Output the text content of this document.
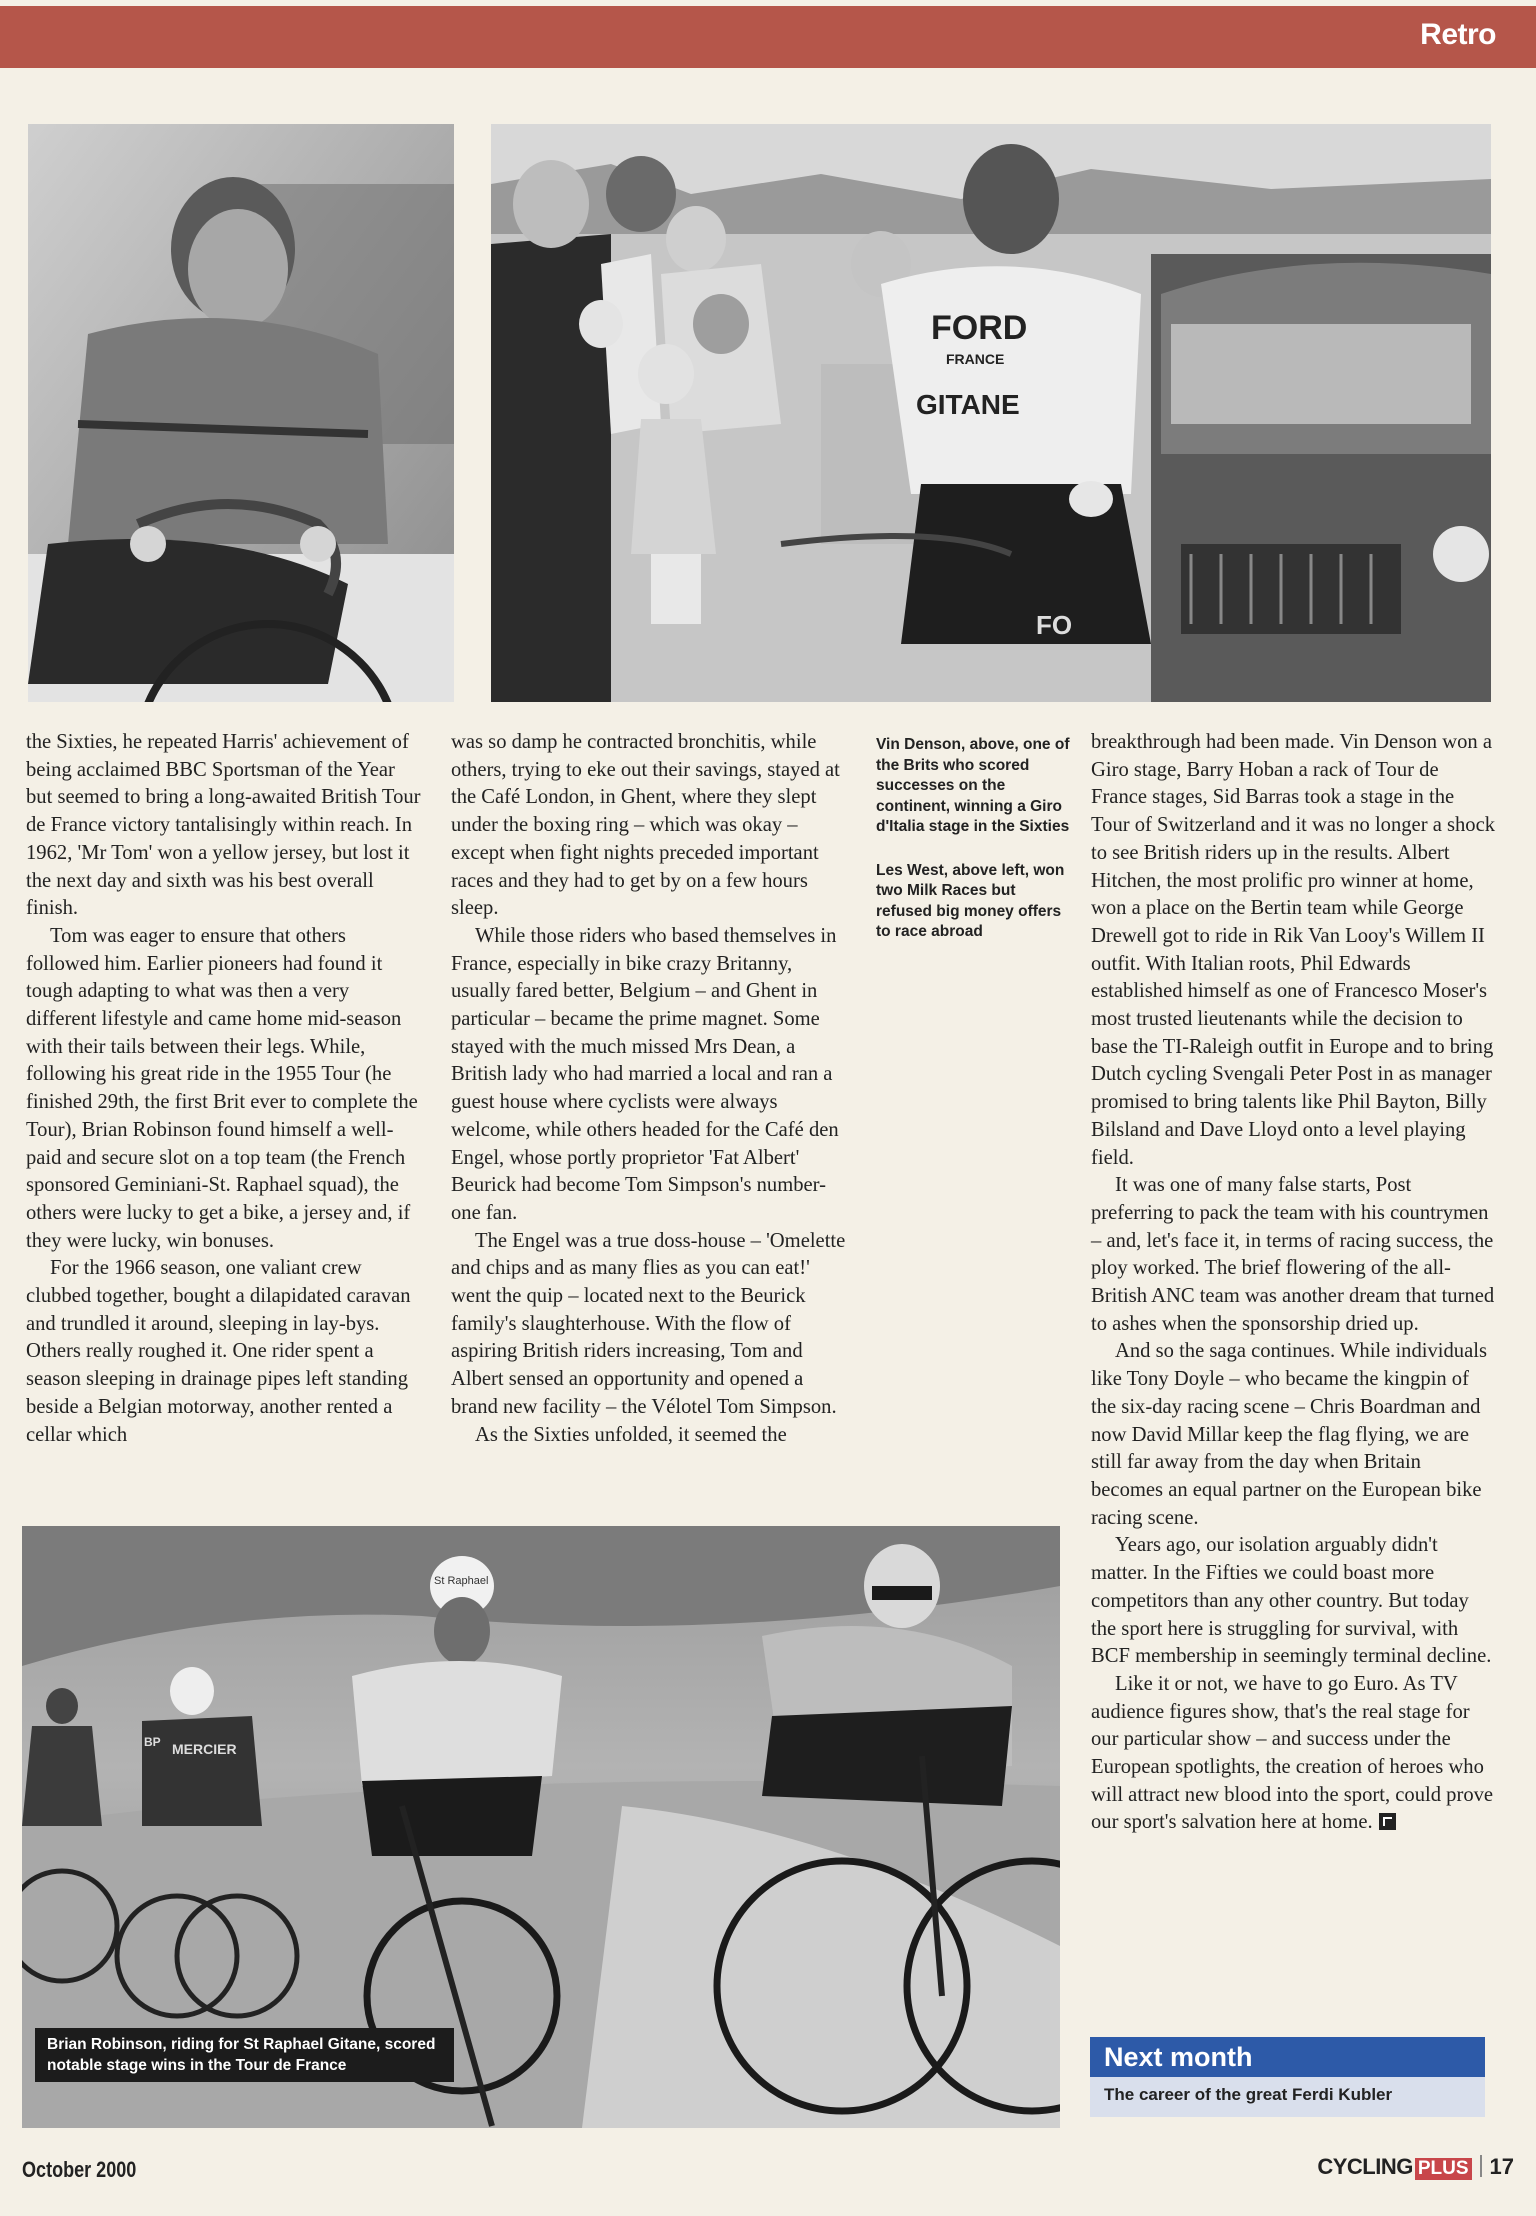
Retro
FORD
FRANCE
GITANE
FO

the Sixties, he repeated Harris' achievement of being acclaimed BBC Sportsman of the Year but seemed to bring a long-awaited British Tour de France victory tantalisingly within reach. In 1962, 'Mr Tom' won a yellow jersey, but lost it the next day and sixth was his best overall finish.

Tom was eager to ensure that others followed him. Earlier pioneers had found it tough adapting to what was then a very different lifestyle and came home mid-season with their tails between their legs. While, following his great ride in the 1955 Tour (he finished 29th, the first Brit ever to complete the Tour), Brian Robinson found himself a well-paid and secure slot on a top team (the French sponsored Geminiani-St. Raphael squad), the others were lucky to get a bike, a jersey and, if they were lucky, win bonuses.

For the 1966 season, one valiant crew clubbed together, bought a dilapidated caravan and trundled it around, sleeping in lay-bys. Others really roughed it. One rider spent a season sleeping in drainage pipes left standing beside a Belgian motorway, another rented a cellar which

was so damp he contracted bronchitis, while others, trying to eke out their savings, stayed at the Café London, in Ghent, where they slept under the boxing ring – which was okay – except when fight nights preceded important races and they had to get by on a few hours sleep.

While those riders who based themselves in France, especially in bike crazy Britanny, usually fared better, Belgium – and Ghent in particular – became the prime magnet. Some stayed with the much missed Mrs Dean, a British lady who had married a local and ran a guest house where cyclists were always welcome, while others headed for the Café den Engel, whose portly proprietor 'Fat Albert' Beurick had become Tom Simpson's number-one fan.

The Engel was a true doss-house – 'Omelette and chips and as many flies as you can eat!' went the quip – located next to the Beurick family's slaughterhouse. With the flow of aspiring British riders increasing, Tom and Albert sensed an opportunity and opened a brand new facility – the Vélotel Tom Simpson.

As the Sixties unfolded, it seemed the

Vin Denson, above, one of the Brits who scored successes on the continent, winning a Giro d'Italia stage in the Sixties

Les West, above left, won two Milk Races but refused big money offers to race abroad

breakthrough had been made. Vin Denson won a Giro stage, Barry Hoban a rack of Tour de France stages, Sid Barras took a stage in the Tour of Switzerland and it was no longer a shock to see British riders up in the results. Albert Hitchen, the most prolific pro winner at home, won a place on the Bertin team while George Drewell got to ride in Rik Van Looy's Willem II outfit. With Italian roots, Phil Edwards established himself as one of Francesco Moser's most trusted lieutenants while the decision to base the TI-Raleigh outfit in Europe and to bring Dutch cycling Svengali Peter Post in as manager promised to bring talents like Phil Bayton, Billy Bilsland and Dave Lloyd onto a level playing field.

It was one of many false starts, Post preferring to pack the team with his countrymen – and, let's face it, in terms of racing success, the ploy worked. The brief flowering of the all-British ANC team was another dream that turned to ashes when the sponsorship dried up.

And so the saga continues. While individuals like Tony Doyle – who became the kingpin of the six-day racing scene – Chris Boardman and now David Millar keep the flag flying, we are still far away from the day when Britain becomes an equal partner on the European bike racing scene.

Years ago, our isolation arguably didn't matter. In the Fifties we could boast more competitors than any other country. But today the sport here is struggling for survival, with BCF membership in seemingly terminal decline.

Like it or not, we have to go Euro. As TV audience figures show, that's the real stage for our particular show – and success under the European spotlights, the creation of heroes who will attract new blood into the sport, could prove our sport's salvation here at home.

MERCIER
BP
St Raphael
Brian Robinson, riding for St Raphael Gitane, scored notable stage wins in the Tour de France	Next month
The career of the great Ferdi Kubler
October 2000	CYCLING PLUS 17
